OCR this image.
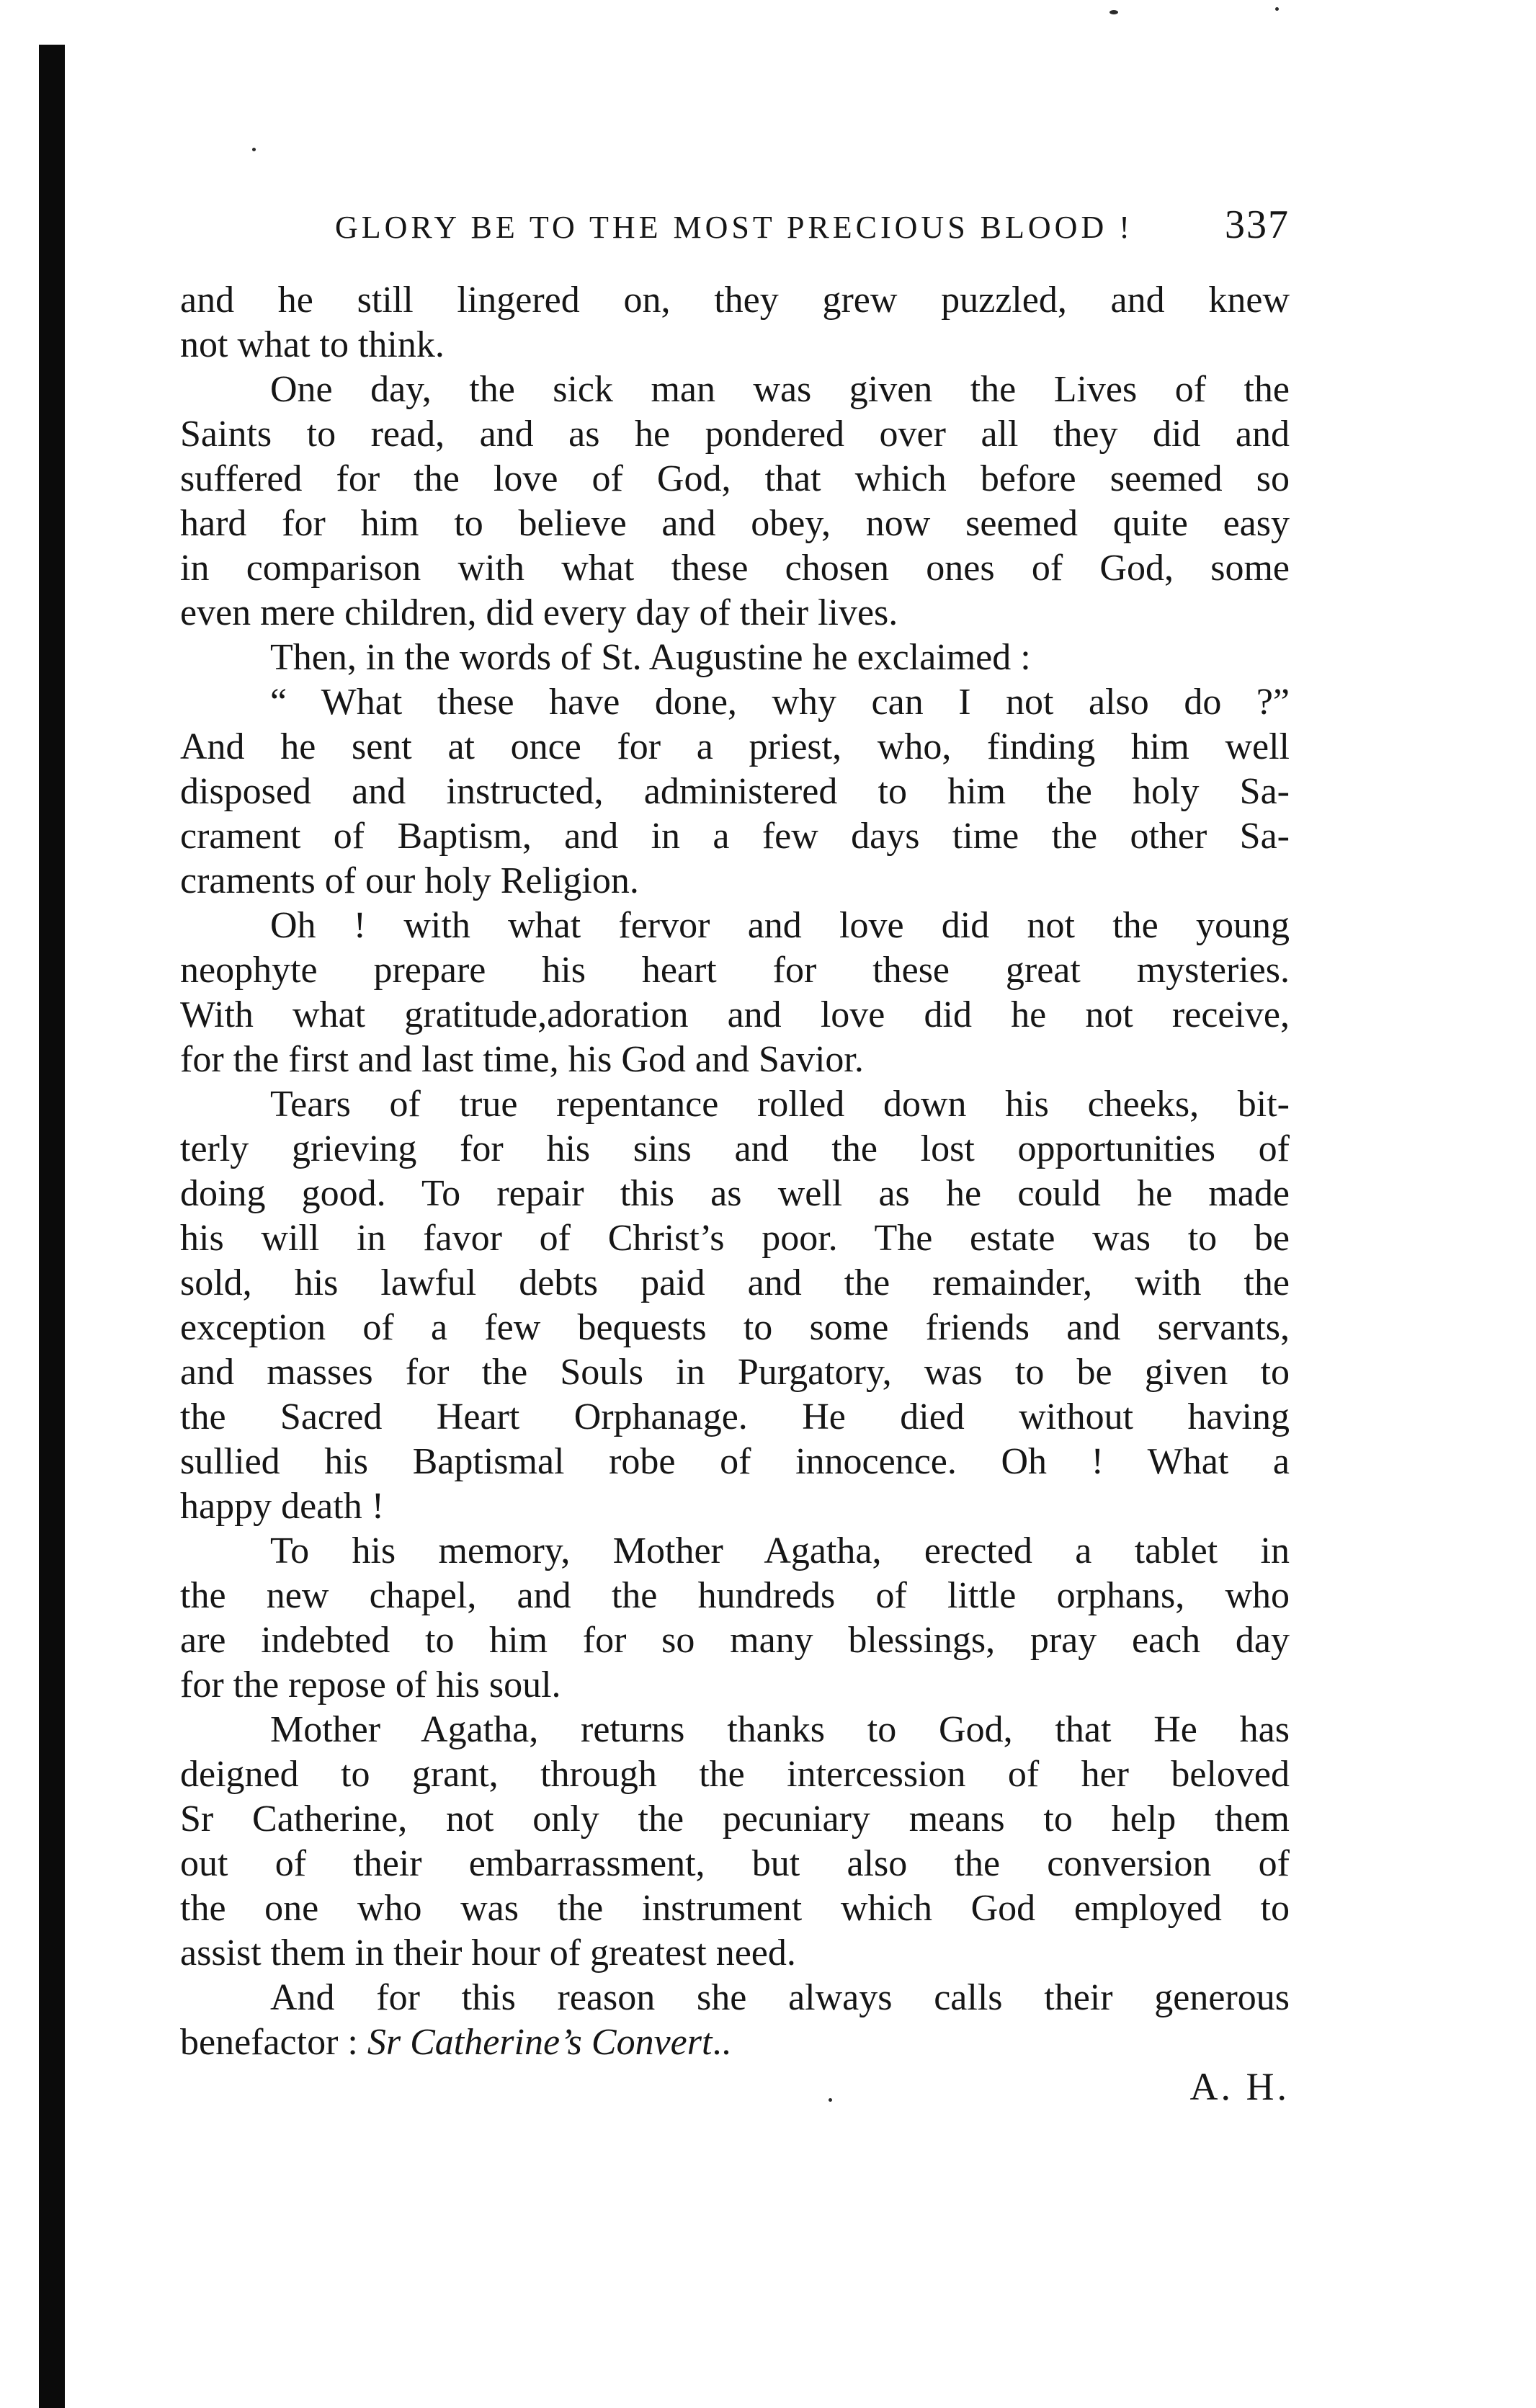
GLORY BE TO THE MOST PRECIOUS BLOOD ! 337
and he still lingered on, they grew puzzled, and knew
not what to think.
One day, the sick man was given the Lives of the
Saints to read, and as he pondered over all they did and
suffered for the love of God, that which before seemed so
hard for him to believe and obey, now seemed quite easy
in comparison with what these chosen ones of God, some
even mere children, did every day of their lives.
Then, in the words of St. Augustine he exclaimed :
“ What these have done, why can I not also do ?”
And he sent at once for a priest, who, finding him well
disposed and instructed, administered to him the holy Sa-
crament of Baptism, and in a few days time the other Sa-
craments of our holy Religion.
Oh ! with what fervor and love did not the young
neophyte prepare his heart for these great mysteries.
With what gratitude,adoration and love did he not receive,
for the first and last time, his God and Savior.
Tears of true repentance rolled down his cheeks, bit-
terly grieving for his sins and the lost opportunities of
doing good. To repair this as well as he could he made
his will in favor of Christ’s poor. The estate was to be
sold, his lawful debts paid and the remainder, with the
exception of a few bequests to some friends and servants,
and masses for the Souls in Purgatory, was to be given to
the Sacred Heart Orphanage. He died without having
sullied his Baptismal robe of innocence. Oh ! What a
happy death !
To his memory, Mother Agatha, erected a tablet in
the new chapel, and the hundreds of little orphans, who
are indebted to him for so many blessings, pray each day
for the repose of his soul.
Mother Agatha, returns thanks to God, that He has
deigned to grant, through the intercession of her beloved
Sr Catherine, not only the pecuniary means to help them
out of their embarrassment, but also the conversion of
the one who was the instrument which God employed to
assist them in their hour of greatest need.
And for this reason she always calls their generous
benefactor : Sr Catherine’s Convert..
A. H.
